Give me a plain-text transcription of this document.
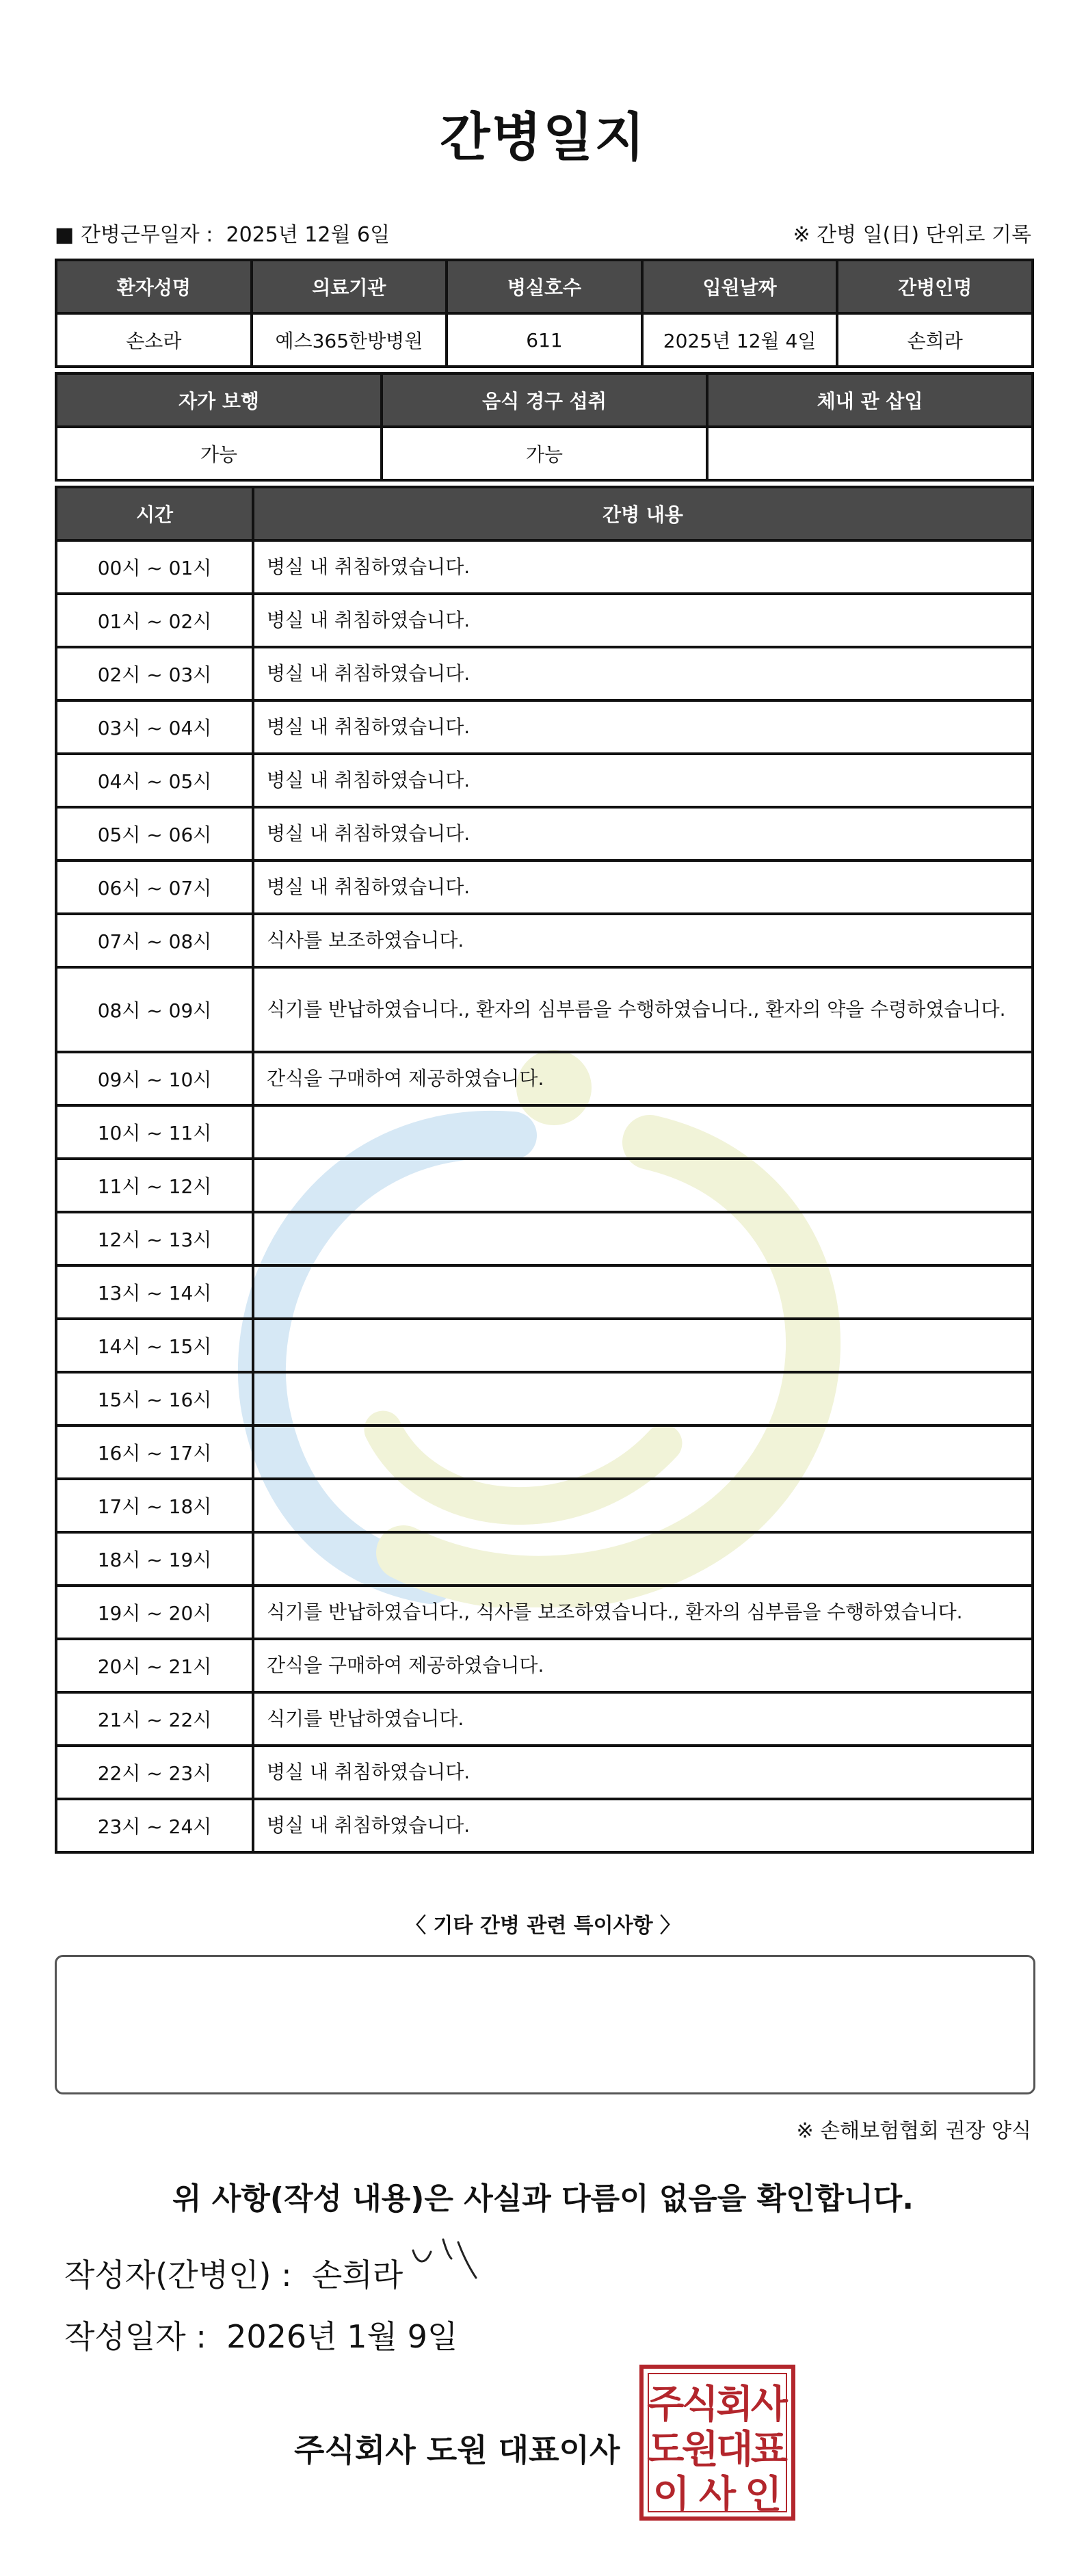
간병일지
■ 간병근무일자 : 2025년 12월 6일	※ 간병 일(日) 단위로 기록
환자성명	의료기관	병실호수	입원날짜	간병인명
손소라	예스365한방병원	611	2025년 12월 4일	손희라
자가 보행	음식 경구 섭취	체내 관 삽입
가능	가능	
시간	간병 내용
00시 ~ 01시	병실 내 취침하였습니다.
01시 ~ 02시	병실 내 취침하였습니다.
02시 ~ 03시	병실 내 취침하였습니다.
03시 ~ 04시	병실 내 취침하였습니다.
04시 ~ 05시	병실 내 취침하였습니다.
05시 ~ 06시	병실 내 취침하였습니다.
06시 ~ 07시	병실 내 취침하였습니다.
07시 ~ 08시	식사를 보조하였습니다.
08시 ~ 09시	식기를 반납하였습니다., 환자의 심부름을 수행하였습니다., 환자의 약을 수령하였습니다.
09시 ~ 10시	간식을 구매하여 제공하였습니다.
10시 ~ 11시	
11시 ~ 12시	
12시 ~ 13시	
13시 ~ 14시	
14시 ~ 15시	
15시 ~ 16시	
16시 ~ 17시	
17시 ~ 18시	
18시 ~ 19시	
19시 ~ 20시	식기를 반납하였습니다., 식사를 보조하였습니다., 환자의 심부름을 수행하였습니다.
20시 ~ 21시	간식을 구매하여 제공하였습니다.
21시 ~ 22시	식기를 반납하였습니다.
22시 ~ 23시	병실 내 취침하였습니다.
23시 ~ 24시	병실 내 취침하였습니다.
〈 기타 간병 관련 특이사항 〉
※ 손해보험협회 권장 양식
위 사항(작성 내용)은 사실과 다름이 없음을 확인합니다.
작성자(간병인) : 손희라
작성일자 : 2026년 1월 9일
주식회사 도원 대표이사
주
식
회
사
도
원
대
표
이 사 인
